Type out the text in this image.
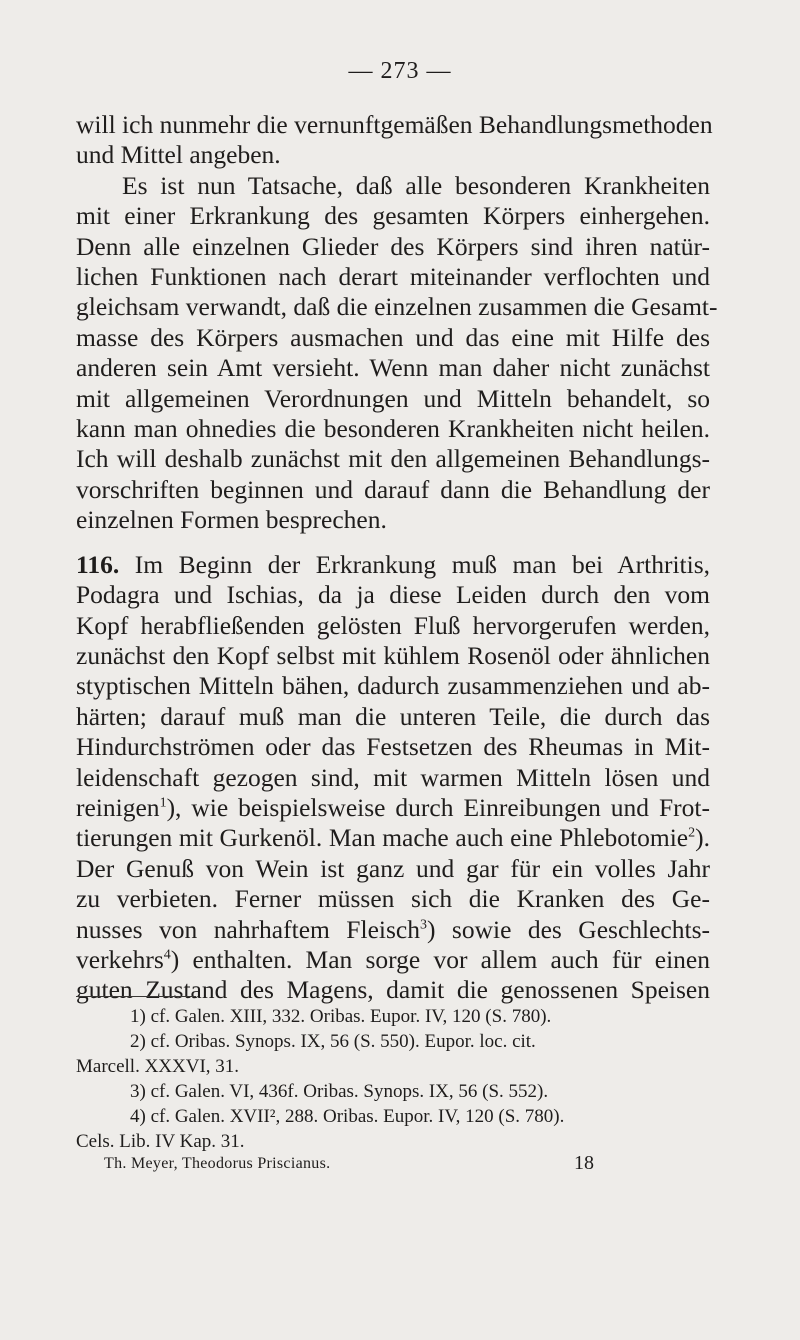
— 273 —
will ich nunmehr die vernunftgemäßen Behandlungsmethoden
und Mittel angeben.
Es ist nun Tatsache, daß alle besonderen Krankheiten
mit einer Erkrankung des gesamten Körpers einhergehen.
Denn alle einzelnen Glieder des Körpers sind ihren natür-
lichen Funktionen nach derart miteinander verflochten und
gleichsam verwandt, daß die einzelnen zusammen die Gesamt-
masse des Körpers ausmachen und das eine mit Hilfe des
anderen sein Amt versieht. Wenn man daher nicht zunächst
mit allgemeinen Verordnungen und Mitteln behandelt, so
kann man ohnedies die besonderen Krankheiten nicht heilen.
Ich will deshalb zunächst mit den allgemeinen Behandlungs-
vorschriften beginnen und darauf dann die Behandlung der
einzelnen Formen besprechen.
116. Im Beginn der Erkrankung muß man bei Arthritis,
Podagra und Ischias, da ja diese Leiden durch den vom
Kopf herabfließenden gelösten Fluß hervorgerufen werden,
zunächst den Kopf selbst mit kühlem Rosenöl oder ähnlichen
styptischen Mitteln bähen, dadurch zusammenziehen und ab-
härten; darauf muß man die unteren Teile, die durch das
Hindurchströmen oder das Festsetzen des Rheumas in Mit-
leidenschaft gezogen sind, mit warmen Mitteln lösen und
reinigen$^1$), wie beispielsweise durch Einreibungen und Frot-
tierungen mit Gurkenöl. Man mache auch eine Phlebotomie$^2$).
Der Genuß von Wein ist ganz und gar für ein volles Jahr
zu verbieten. Ferner müssen sich die Kranken des Ge-
nusses von nahrhaftem Fleisch$^3$) sowie des Geschlechts-
verkehrs$^4$) enthalten. Man sorge vor allem auch für einen
guten Zustand des Magens, damit die genossenen Speisen
1) cf. Galen. XIII, 332. Oribas. Eupor. IV, 120 (S. 780).
2) cf. Oribas. Synops. IX, 56 (S. 550). Eupor. loc. cit.
Marcell. XXXVI, 31.
3) cf. Galen. VI, 436f. Oribas. Synops. IX, 56 (S. 552).
4) cf. Galen. XVII², 288. Oribas. Eupor. IV, 120 (S. 780).
Cels. Lib. IV Kap. 31.
Th. Meyer, Theodorus Priscianus.	18
